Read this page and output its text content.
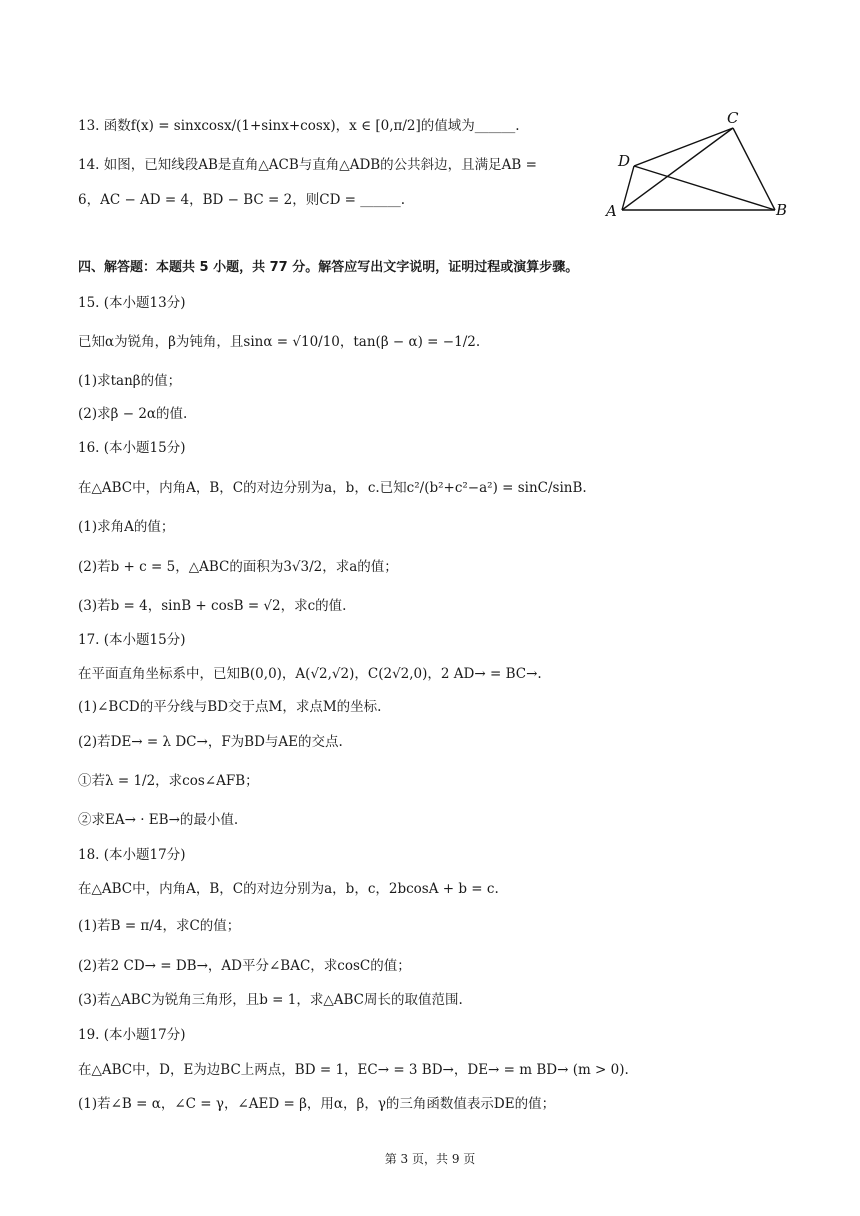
13. 函数f(x) = sinxcosx/(1+sinx+cosx)，x ∈ [0,π/2]的值域为______.
14. 如图，已知线段AB是直角△ACB与直角△ADB的公共斜边，且满足AB =
6，AC − AD = 4，BD − BC = 2，则CD = ______.
四、解答题：本题共 5 小题，共 77 分。解答应写出文字说明，证明过程或演算步骤。
15. (本小题13分)
已知α为锐角，β为钝角，且sinα = √10/10，tan(β − α) = −1/2.
(1)求tanβ的值；
(2)求β − 2α的值.
16. (本小题15分)
在△ABC中，内角A，B，C的对边分别为a，b，c.已知c²/(b²+c²−a²) = sinC/sinB.
(1)求角A的值；
(2)若b + c = 5，△ABC的面积为3√3/2，求a的值；
(3)若b = 4，sinB + cosB = √2，求c的值.
17. (本小题15分)
在平面直角坐标系中，已知B(0,0)，A(√2,√2)，C(2√2,0)，2 AD→ = BC→.
(1)∠BCD的平分线与BD交于点M，求点M的坐标.
(2)若DE→ = λ DC→，F为BD与AE的交点.
①若λ = 1/2，求cos∠AFB；
②求EA→ · EB→的最小值.
18. (本小题17分)
在△ABC中，内角A，B，C的对边分别为a，b，c，2bcosA + b = c.
(1)若B = π/4，求C的值；
(2)若2 CD→ = DB→，AD平分∠BAC，求cosC的值；
(3)若△ABC为锐角三角形，且b = 1，求△ABC周长的取值范围.
19. (本小题17分)
在△ABC中，D，E为边BC上两点，BD = 1，EC→ = 3 BD→，DE→ = m BD→ (m > 0).
(1)若∠B = α，∠C = γ，∠AED = β，用α，β，γ的三角函数值表示DE的值；
C
D
A	B
第 3 页，共 9 页
